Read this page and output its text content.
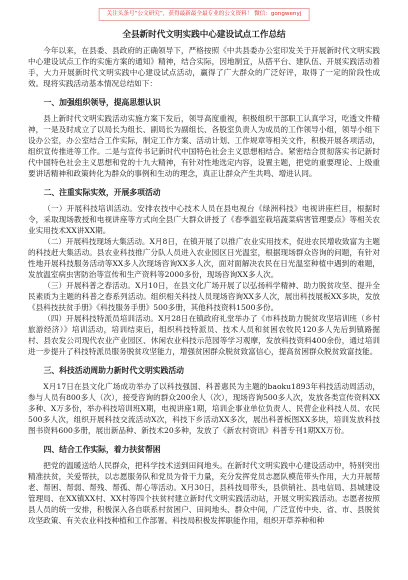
关注头条号“公文研究”，获得最新最全最专业的公文资料！ 微信：gongwenyj
全县新时代文明实践中心建设试点工作总结

今年以来，在县委、县政府的正确领导下，严格按照《中共县委办公室印发关于开展新时代文明实践中心建设试点工作的实施方案的通知》精神，结合实际，因地制宜，从搭平台、建队伍、开展实践活动着手，大力开展新时代文明实践中心建设试点活动，赢得了广大群众的广泛好评，取得了一定的阶段性成效。现将实践活动基本情况总结如下：

一、加强组织领导，提高思想认识

县上新时代文明实践活动实施方案下发后，领导高度重视，积极组织干部职工认真学习，吃透文件精神，一是及时成立了以局长为组长、副局长为副组长、各股室负责人为成员的工作领导小组，领导小组下设办公室，办公室结合工作实际，制定工作方案、活动计划、工作规章等相关文件，积极开展各项活动，组织宣传推进等工作。二是与宣传书记新时代中国特色社会主义思想相结合。紧密结合贯彻落实书记新时代中国特色社会主义思想和党的十九大精神，有针对性地选定内容，设置主题，把党的重要理论、上级重要讲话精神和政策转化为群众的事例和生动的理念，真正让群众产生共鸣、增进认同。

二、注重实际实效，开展多项活动

（一）开展科技培训活动。安排农技中心技术人员在县电视台《绿洲科技》电视讲座栏目，根据时令，采取现场教授和电视讲座等方式向全县广大群众讲授了《春季温室栽培蔬菜病害管理要点》等相关农业实用技术XX讲XX期。

（二）开展科技现场大集活动。X月8日，在镇开展了以推广农业实用技术，促进农民增收致富为主题的科技赶大集活动。县农业科技推广分队人员进入农业园区日光温室，根据现场群众咨询的问题，有针对性地开展科技服务活动等XX多人次现场咨询XX多人次，面对面解决农民在日光温室种植中遇到的难题，发放温室病虫害防治等宣传和生产资料等2000多份，现场咨询XX多人次。

（三）开展科普之春活动。X月10日，在县文化广场开展了以弘扬科学精神、助力脱贫攻坚、提升全民素质为主题的科普之春系列活动。组织相关科技人员现场咨询XX多人次，展出科技展板XX多块，发放《县科技扶贫手册》《科技服务手册》500多册，其他科技资料1500多份。

（四）开展科技特派员培训活动。X月28日在镇政府礼堂举办了《市科技助力脱贫攻坚培训班（乡村旅游经济）》培训活动，培训结束后，组织科技特派员、技术人员和贫困农牧民120多人先后到镇路掘村、县农发公司现代农业产业园区、休闲农业科技示范园等学习观摩，发放科技资料400余份，通过培训进一步提升了科技特派员服务脱贫攻坚能力，增强贫困群众脱贫致富信心，提高贫困群众脱贫致富技能。

三、科技活动周助力新时代文明实践活动

X月17日在县文化广场成功举办了以科技强国、科普惠民为主题的baoku1893年科技活动周活动，参与人员有800多人（次），接受咨询的群众200余人（次），现场咨询500多人次，发放各类宣传资料XX多种、X万多份，举办科技培训班X期，电视讲座1期，培训企事业单位负责人、民营企业科技人员、农民500多人次，组织开展科技交流活动X次，科技下乡活动XX多次，展出科普板图XX多块，培训发放科技图书资料600多册，展出新品种、新技术20多种，发放了《新农村资讯》科普专刊1期XX万份。

四、结合工作实际，着力扶贫帮困

把党的温暖送给人民群众，把科学技术送到田间地头。在新时代文明实践中心建设活动中，特别突出精准扶贫，关爱帮扶，以志愿服务队和党员为骨干力量，充分发挥党员志愿队模范带头作用，大力开展帮老、帮困、帮弱、帮残、帮孤、帮心等活动。X月30日，县科技局带头，县供销社、县电信局、县城建设管理局、在XX镇XX村、XX村等四个扶贫村建立新时代文明实践活动站，开展文明实践活动。志愿者按照县人员的统一安排，积极深入各自联系村贫困户、田间地头、群众中间，广泛宣传中央、省、市、县脱贫攻坚政策、有关农业科技种植和工作部署。科技局积极发挥职能作用，组织开草养种和种
